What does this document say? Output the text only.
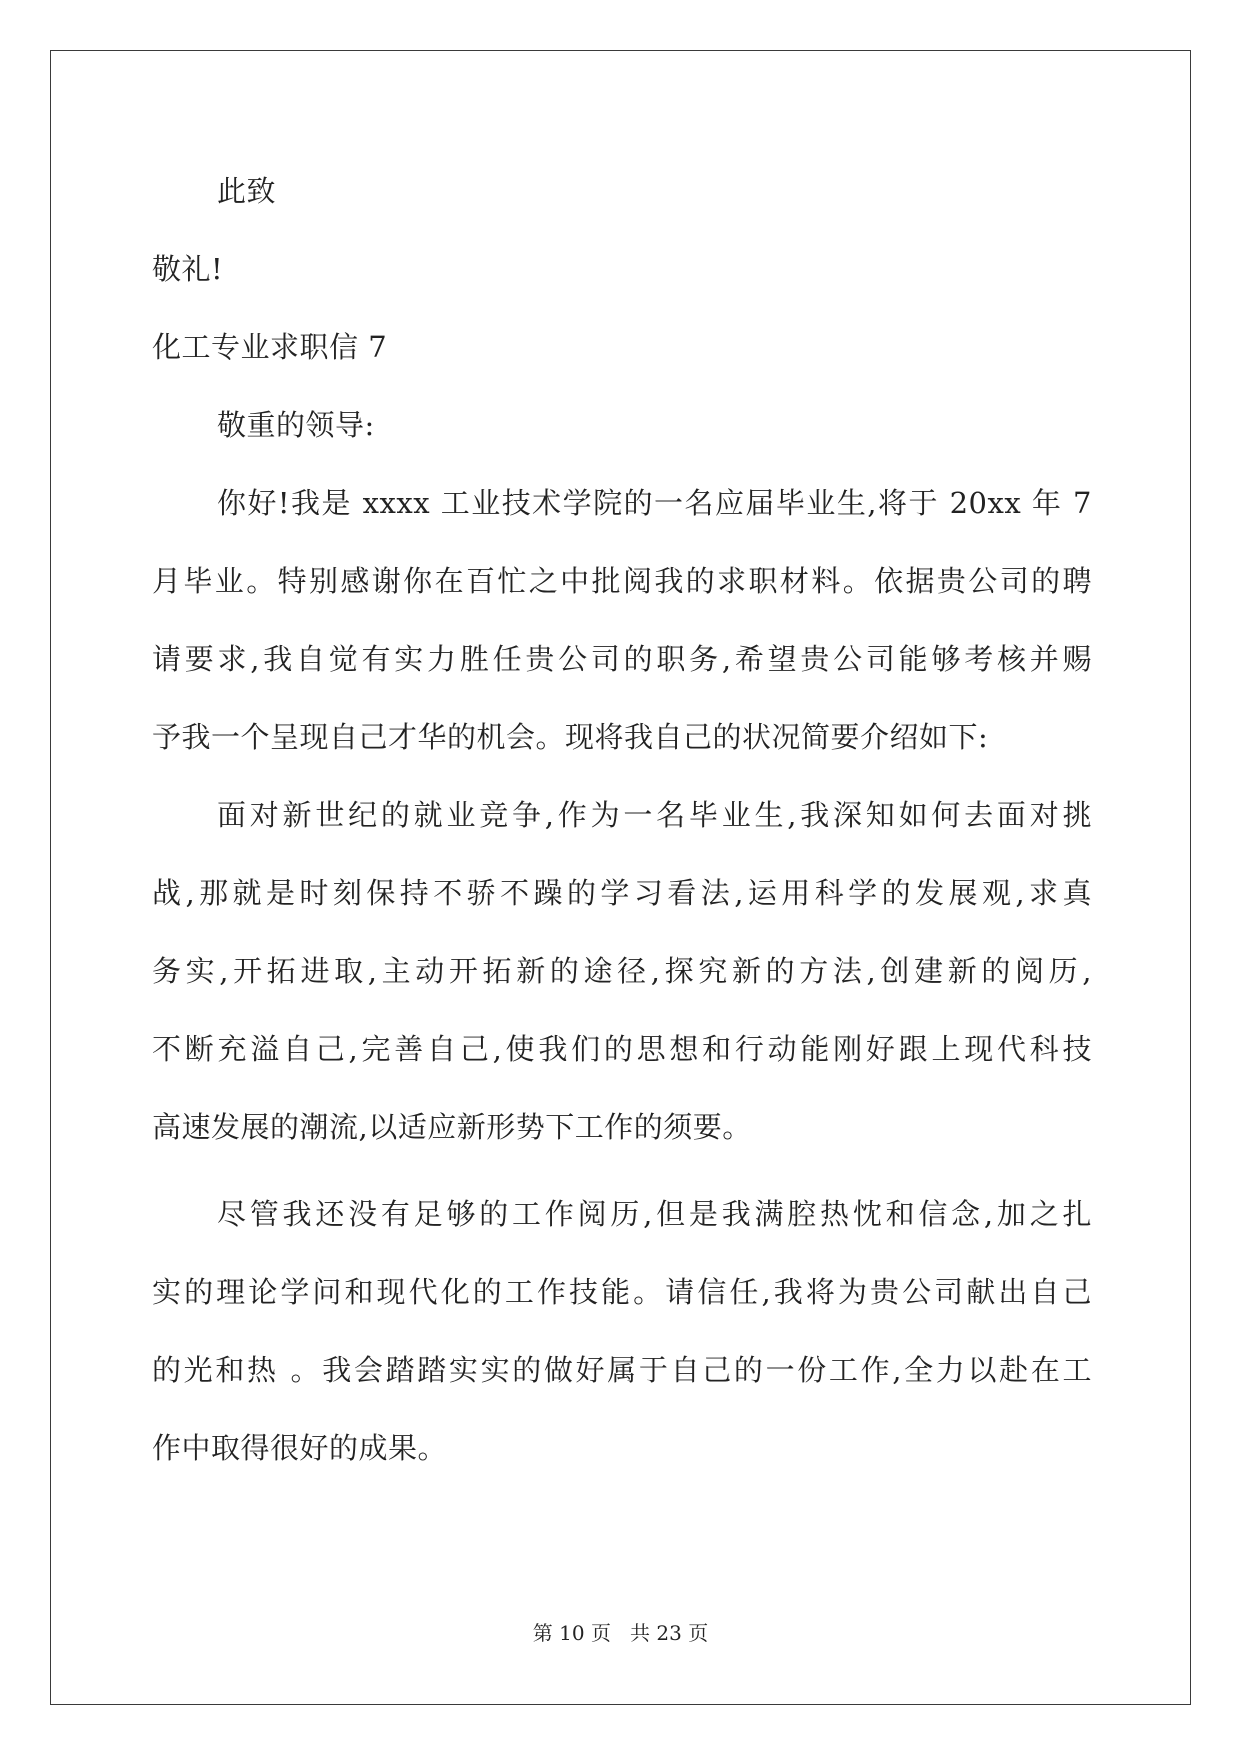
此致
敬礼!
化工专业求职信 7
敬重的领导:
你好!我是 xxxx 工业技术学院的一名应届毕业生,将于 20xx 年 7
月毕业。特别感谢你在百忙之中批阅我的求职材料。依据贵公司的聘
请要求,我自觉有实力胜任贵公司的职务,希望贵公司能够考核并赐
予我一个呈现自己才华的机会。现将我自己的状况简要介绍如下:
面对新世纪的就业竞争,作为一名毕业生,我深知如何去面对挑
战,那就是时刻保持不骄不躁的学习看法,运用科学的发展观,求真
务实,开拓进取,主动开拓新的途径,探究新的方法,创建新的阅历,
不断充溢自己,完善自己,使我们的思想和行动能刚好跟上现代科技
高速发展的潮流,以适应新形势下工作的须要。
尽管我还没有足够的工作阅历,但是我满腔热忱和信念,加之扎
实的理论学问和现代化的工作技能。请信任,我将为贵公司献出自己
的光和热 。我会踏踏实实的做好属于自己的一份工作,全力以赴在工
作中取得很好的成果。
第 10 页   共 23 页
